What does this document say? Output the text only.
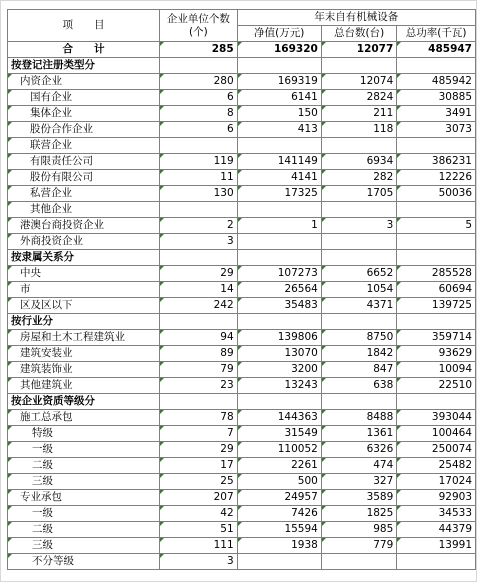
项　　目	企业单位个数
(个)	年末自有机械设备		
		净值(万元)	总台数(台)	总功率(千瓦)
合　　计	285	169320	12077	485947
按登记注册类型分				
内资企业	280	169319	12074	485942
国有企业	6	6141	2824	30885
集体企业	8	150	211	3491
股份合作企业	6	413	118	3073
联营企业				
有限责任公司	119	141149	6934	386231
股份有限公司	11	4141	282	12226
私营企业	130	17325	1705	50036
其他企业				
港澳台商投资企业	2	1	3	5
外商投资企业	3			
按隶属关系分				
中央	29	107273	6652	285528
市	14	26564	1054	60694
区及区以下	242	35483	4371	139725
按行业分				
房屋和土木工程建筑业	94	139806	8750	359714
建筑安装业	89	13070	1842	93629
建筑装饰业	79	3200	847	10094
其他建筑业	23	13243	638	22510
按企业资质等级分				
施工总承包	78	144363	8488	393044
特级	7	31549	1361	100464
一级	29	110052	6326	250074
二级	17	2261	474	25482
三级	25	500	327	17024
专业承包	207	24957	3589	92903
一级	42	7426	1825	34533
二级	51	15594	985	44379
三级	111	1938	779	13991
不分等级	3			
